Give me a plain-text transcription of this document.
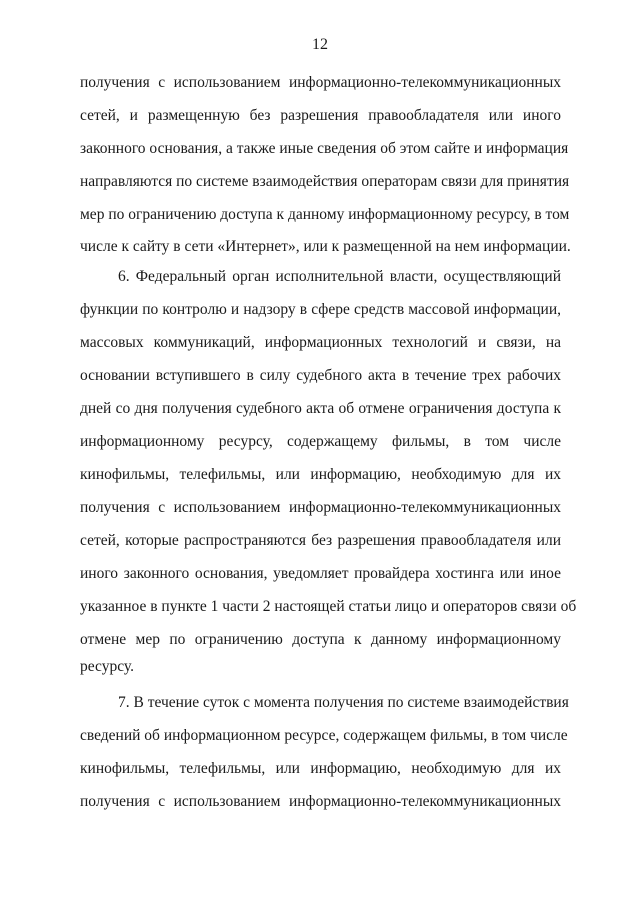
12
получения с использованием информационно-телекоммуникационных
сетей, и размещенную без разрешения правообладателя или иного
законного основания, а также иные сведения об этом сайте и информация
направляются по системе взаимодействия операторам связи для принятия
мер по ограничению доступа к данному информационному ресурсу, в том
числе к сайту в сети «Интернет», или к размещенной на нем информации.
6. Федеральный орган исполнительной власти, осуществляющий
функции по контролю и надзору в сфере средств массовой информации,
массовых коммуникаций, информационных технологий и связи, на
основании вступившего в силу судебного акта в течение трех рабочих
дней со дня получения судебного акта об отмене ограничения доступа к
информационному ресурсу, содержащему фильмы, в том числе
кинофильмы, телефильмы, или информацию, необходимую для их
получения с использованием информационно-телекоммуникационных
сетей, которые распространяются без разрешения правообладателя или
иного законного основания, уведомляет провайдера хостинга или иное
указанное в пункте 1 части 2 настоящей статьи лицо и операторов связи об
отмене мер по ограничению доступа к данному информационному
ресурсу.
7. В течение суток с момента получения по системе взаимодействия
сведений об информационном ресурсе, содержащем фильмы, в том числе
кинофильмы, телефильмы, или информацию, необходимую для их
получения с использованием информационно-телекоммуникационных
